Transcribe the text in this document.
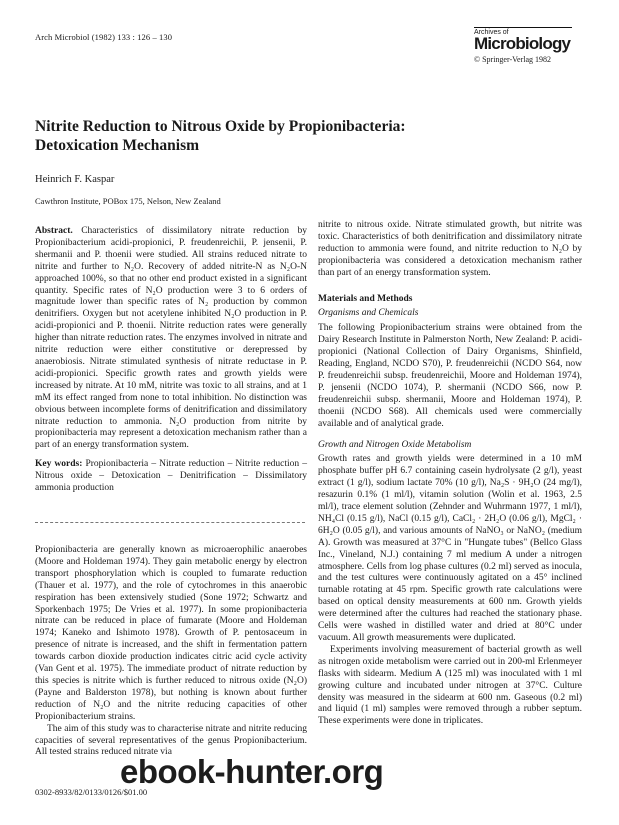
Arch Microbiol (1982) 133 : 126 – 130	Archives of
Microbiology
© Springer-Verlag 1982
Nitrite Reduction to Nitrous Oxide by Propionibacteria: Detoxication Mechanism
Heinrich F. Kaspar
Cawthron Institute, POBox 175, Nelson, New Zealand

Abstract. Characteristics of dissimilatory nitrate reduction by Propionibacterium acidi-propionici, P. freudenreichii, P. jensenii, P. shermanii and P. thoenii were studied. All strains reduced nitrate to nitrite and further to N₂O. Recovery of added nitrite-N as N₂O-N approached 100%, so that no other end product existed in a significant quantity. Specific rates of N₂O production were 3 to 6 orders of magnitude lower than specific rates of N₂ production by common denitrifiers. Oxygen but not acetylene inhibited N₂O production in P. acidi-propionici and P. thoenii. Nitrite reduction rates were generally higher than nitrate reduction rates. The enzymes involved in nitrate and nitrite reduction were either constitutive or derepressed by anaerobiosis. Nitrate stimulated synthesis of nitrate reductase in P. acidi-propionici. Specific growth rates and growth yields were increased by nitrate. At 10 mM, nitrite was toxic to all strains, and at 1 mM its effect ranged from none to total inhibition. No distinction was obvious between incomplete forms of denitrification and dissimilatory nitrate reduction to ammonia. N₂O production from nitrite by propionibacteria may represent a detoxication mechanism rather than a part of an energy transformation system.

Key words: Propionibacteria – Nitrate reduction – Nitrite reduction – Nitrous oxide – Detoxication – Denitrification – Dissimilatory ammonia production

Propionibacteria are generally known as microaerophilic anaerobes (Moore and Holdeman 1974). They gain metabolic energy by electron transport phosphorylation which is coupled to fumarate reduction (Thauer et al. 1977), and the role of cytochromes in this anaerobic respiration has been extensively studied (Sone 1972; Schwartz and Sporkenbach 1975; De Vries et al. 1977). In some propionibacteria nitrate can be reduced in place of fumarate (Moore and Holdeman 1974; Kaneko and Ishimoto 1978). Growth of P. pentosaceum in presence of nitrate is increased, and the shift in fermentation pattern towards carbon dioxide production indicates citric acid cycle activity (Van Gent et al. 1975). The immediate product of nitrate reduction by this species is nitrite which is further reduced to nitrous oxide (N₂O) (Payne and Balderston 1978), but nothing is known about further reduction of N₂O and the nitrite reducing capacities of other Propionibacterium strains.

The aim of this study was to characterise nitrate and nitrite reducing capacities of several representatives of the genus Propionibacterium. All tested strains reduced nitrate via

nitrite to nitrous oxide. Nitrate stimulated growth, but nitrite was toxic. Characteristics of both denitrification and dissimilatory nitrate reduction to ammonia were found, and nitrite reduction to N₂O by propionibacteria was considered a detoxication mechanism rather than part of an energy transformation system.

Materials and Methods

Organisms and Chemicals

The following Propionibacterium strains were obtained from the Dairy Research Institute in Palmerston North, New Zealand: P. acidi-propionici (National Collection of Dairy Organisms, Shinfield, Reading, England, NCDO S70), P. freudenreichii (NCDO S64, now P. freudenreichii subsp. freudenreichii, Moore and Holdeman 1974), P. jensenii (NCDO 1074), P. shermanii (NCDO S66, now P. freudenreichii subsp. shermanii, Moore and Holdeman 1974), P. thoenii (NCDO S68). All chemicals used were commercially available and of analytical grade.

Growth and Nitrogen Oxide Metabolism

Growth rates and growth yields were determined in a 10 mM phosphate buffer pH 6.7 containing casein hydrolysate (2 g/l), yeast extract (1 g/l), sodium lactate 70% (10 g/l), Na₂S · 9H₂O (24 mg/l), resazurin 0.1% (1 ml/l), vitamin solution (Wolin et al. 1963, 2.5 ml/l), trace element solution (Zehnder and Wuhrmann 1977, 1 ml/l), NH₄Cl (0.15 g/l), NaCl (0.15 g/l), CaCl₂ · 2H₂O (0.06 g/l), MgCl₂ · 6H₂O (0.05 g/l), and various amounts of NaNO₃ or NaNO₂ (medium A). Growth was measured at 37°C in "Hungate tubes" (Bellco Glass Inc., Vineland, N.J.) containing 7 ml medium A under a nitrogen atmosphere. Cells from log phase cultures (0.2 ml) served as inocula, and the test cultures were continuously agitated on a 45° inclined turnable rotating at 45 rpm. Specific growth rate calculations were based on optical density measurements at 600 nm. Growth yields were determined after the cultures had reached the stationary phase. Cells were washed in distilled water and dried at 80°C under vacuum. All growth measurements were duplicated.

Experiments involving measurement of bacterial growth as well as nitrogen oxide metabolism were carried out in 200-ml Erlenmeyer flasks with sidearm. Medium A (125 ml) was inoculated with 1 ml growing culture and incubated under nitrogen at 37°C. Culture density was measured in the sidearm at 600 nm. Gaseous (0.2 ml) and liquid (1 ml) samples were removed through a rubber septum. These experiments were done in triplicates.

0302-8933/82/0133/0126/$01.00
ebook-hunter.org
